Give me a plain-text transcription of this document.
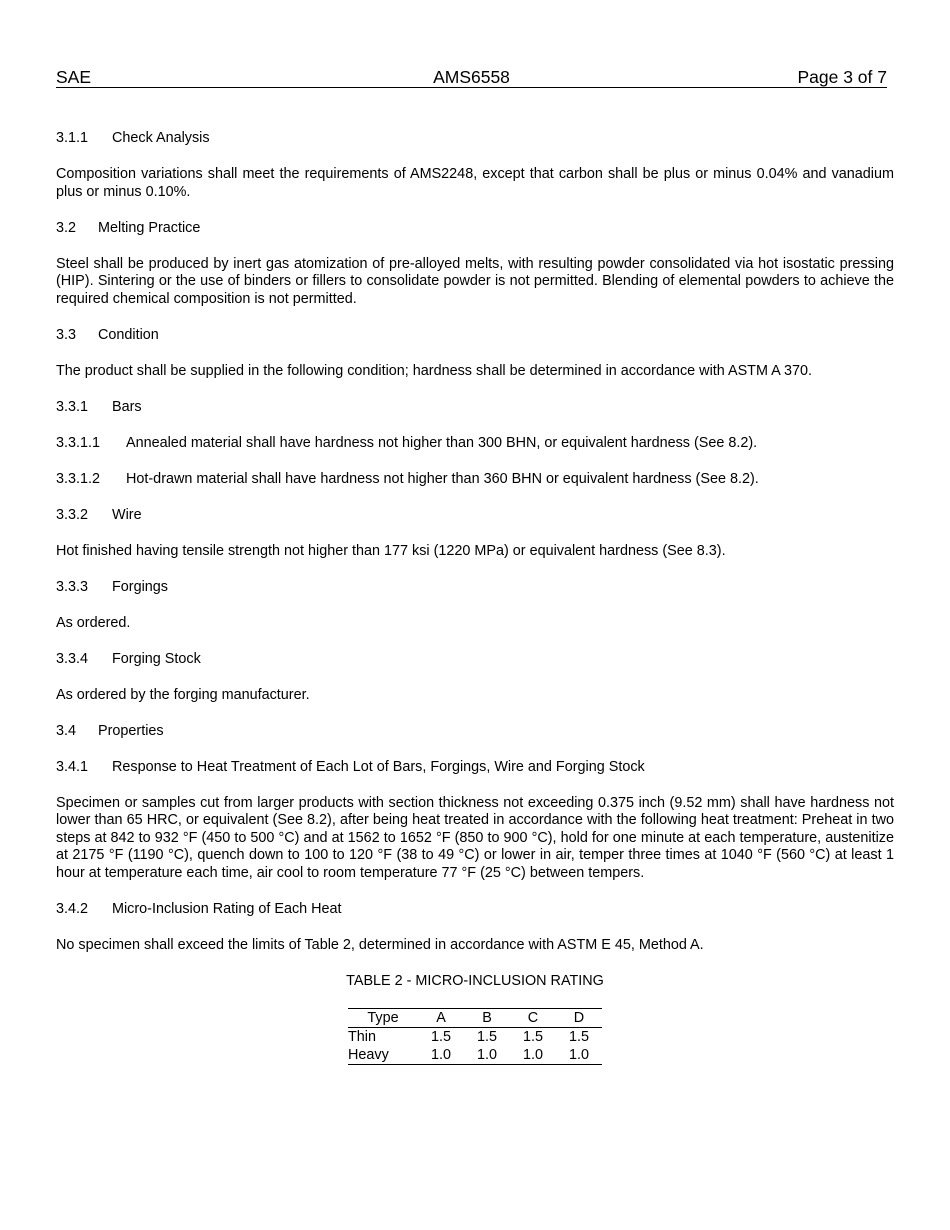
SAE	AMS6558	Page 3 of 7
3.1.1 Check Analysis
Composition variations shall meet the requirements of AMS2248, except that carbon shall be plus or minus 0.04% and vanadium plus or minus 0.10%.
3.2 Melting Practice
Steel shall be produced by inert gas atomization of pre-alloyed melts, with resulting powder consolidated via hot isostatic pressing (HIP). Sintering or the use of binders or fillers to consolidate powder is not permitted. Blending of elemental powders to achieve the required chemical composition is not permitted.
3.3 Condition
The product shall be supplied in the following condition; hardness shall be determined in accordance with ASTM A 370.
3.3.1 Bars
3.3.1.1 Annealed material shall have hardness not higher than 300 BHN, or equivalent hardness (See 8.2).
3.3.1.2 Hot-drawn material shall have hardness not higher than 360 BHN or equivalent hardness (See 8.2).
3.3.2 Wire
Hot finished having tensile strength not higher than 177 ksi (1220 MPa) or equivalent hardness (See 8.3).
3.3.3 Forgings
As ordered.
3.3.4 Forging Stock
As ordered by the forging manufacturer.
3.4 Properties
3.4.1 Response to Heat Treatment of Each Lot of Bars, Forgings, Wire and Forging Stock
Specimen or samples cut from larger products with section thickness not exceeding 0.375 inch (9.52 mm) shall have hardness not lower than 65 HRC, or equivalent (See 8.2), after being heat treated in accordance with the following heat treatment: Preheat in two steps at 842 to 932 °F (450 to 500 °C) and at 1562 to 1652 °F (850 to 900 °C), hold for one minute at each temperature, austenitize at 2175 °F (1190 °C), quench down to 100 to 120 °F (38 to 49 °C) or lower in air, temper three times at 1040 °F (560 °C) at least 1 hour at temperature each time, air cool to room temperature 77 °F (25 °C) between tempers.
3.4.2 Micro-Inclusion Rating of Each Heat
No specimen shall exceed the limits of Table 2, determined in accordance with ASTM E 45, Method A.
TABLE 2 - MICRO-INCLUSION RATING
Type	A	B	C	D
Thin	1.5	1.5	1.5	1.5
Heavy	1.0	1.0	1.0	1.0
